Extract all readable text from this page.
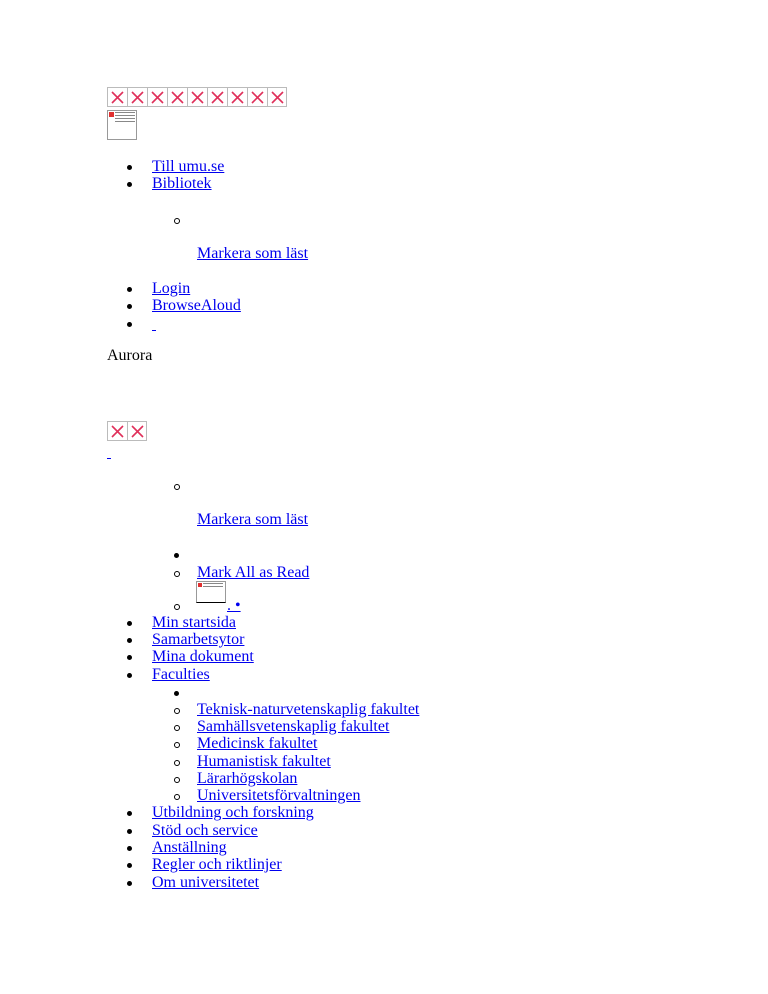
Till umu.se
Bibliotek
Markera som läst
Login
BrowseAloud
Aurora
Markera som läst
Mark All as Read
. •
Min startsida
Samarbetsytor
Mina dokument
Faculties
Teknisk-naturvetenskaplig fakultet
Samhällsvetenskaplig fakultet
Medicinsk fakultet
Humanistisk fakultet
Lärarhögskolan
Universitetsförvaltningen
Utbildning och forskning
Stöd och service
Anställning
Regler och riktlinjer
Om universitetet
